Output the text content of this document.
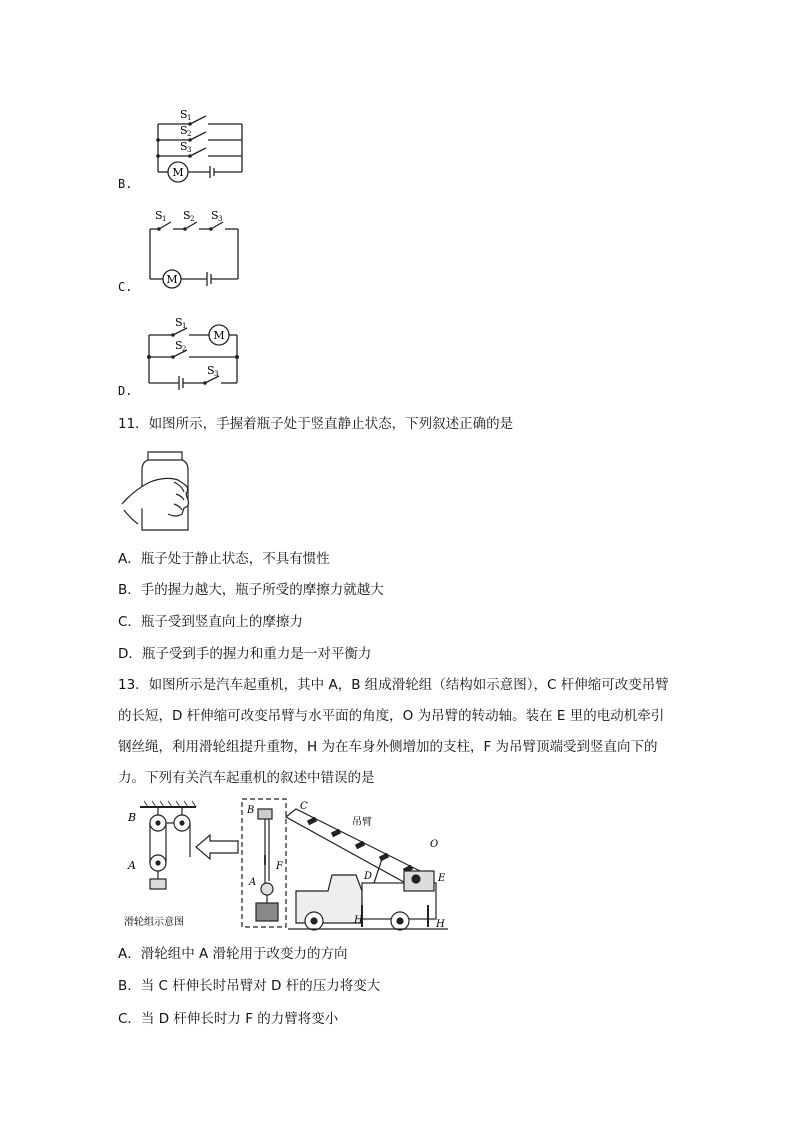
B.
M
S 1
S 2
S 3
C.
M
S 1 S 2 S 3
D.
M
S 1
S 2
S 3
11．如图所示，手握着瓶子处于竖直静止状态，下列叙述正确的是
A．瓶子处于静止状态，不具有惯性
B．手的握力越大，瓶子所受的摩擦力就越大
C．瓶子受到竖直向上的摩擦力
D．瓶子受到手的握力和重力是一对平衡力
13．如图所示是汽车起重机，其中 A，B 组成滑轮组（结构如示意图），C 杆伸缩可改变吊臂
的长短，D 杆伸缩可改变吊臂与水平面的角度，O 为吊臂的转动轴。装在 E 里的电动机牵引
钢丝绳，利用滑轮组提升重物，H 为在车身外侧增加的支柱，F 为吊臂顶端受到竖直向下的
力。下列有关汽车起重机的叙述中错误的是
B
A
B
A
C
F
O
D	E
H	H
吊臂
滑轮组示意图
A．滑轮组中 A 滑轮用于改变力的方向
B．当 C 杆伸长时吊臂对 D 杆的压力将变大
C．当 D 杆伸长时力 F 的力臂将变小
